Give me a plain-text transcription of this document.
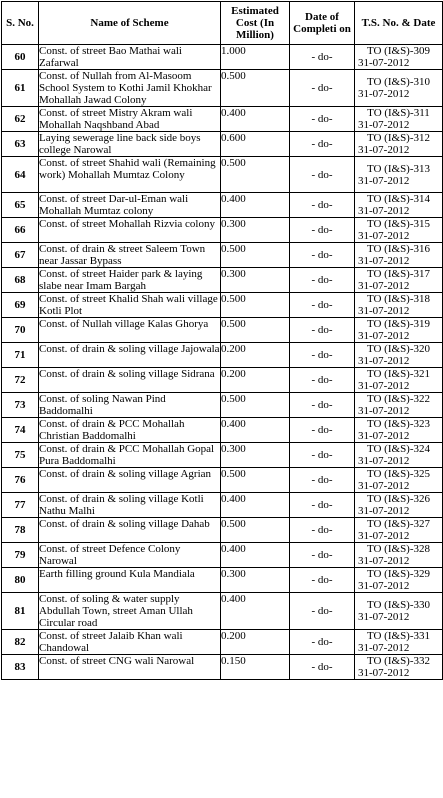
S. No.	Name of Scheme	Estimated Cost (In Million)	Date of Completi on	T.S. No. & Date
60	Const. of street Bao Mathai wali Zafarwal	1.000	- do-	TO (I&S)-309
31-07-2012

61	Const. of Nullah from Al-Masoom School System to Kothi Jamil Khokhar Mohallah Jawad Colony	0.500	- do-	TO (I&S)-310
31-07-2012

62	Const. of street Mistry Akram wali Mohallah Naqshband Abad	0.400	- do-	TO (I&S)-311
31-07-2012

63	Laying sewerage line back side boys college Narowal	0.600	- do-	TO (I&S)-312
31-07-2012

64	Const. of street Shahid wali (Remaining work) Mohallah Mumtaz Colony	0.500	- do-	TO (I&S)-313
31-07-2012

65	Const. of street Dar-ul-Eman wali Mohallah Mumtaz colony	0.400	- do-	TO (I&S)-314
31-07-2012

66	Const. of street Mohallah Rizvia colony	0.300	- do-	TO (I&S)-315
31-07-2012

67	Const. of drain & street Saleem Town near Jassar Bypass	0.500	- do-	TO (I&S)-316
31-07-2012

68	Const. of street Haider park & laying slabe near Imam Bargah	0.300	- do-	TO (I&S)-317
31-07-2012

69	Const. of street Khalid Shah wali village Kotli Plot	0.500	- do-	TO (I&S)-318
31-07-2012

70	Const. of Nullah village Kalas Ghorya	0.500	- do-	TO (I&S)-319
31-07-2012

71	Const. of drain & soling village Jajowala	0.200	- do-	TO (I&S)-320
31-07-2012

72	Const. of drain & soling village Sidrana	0.200	- do-	TO (I&S)-321
31-07-2012

73	Const. of soling Nawan Pind Baddomalhi	0.500	- do-	TO (I&S)-322
31-07-2012

74	Const. of drain & PCC Mohallah Christian Baddomalhi	0.400	- do-	TO (I&S)-323
31-07-2012

75	Const. of drain & PCC Mohallah Gopal Pura Baddomalhi	0.300	- do-	TO (I&S)-324
31-07-2012

76	Const. of drain & soling village Agrian	0.500	- do-	TO (I&S)-325
31-07-2012

77	Const. of drain & soling village Kotli Nathu Malhi	0.400	- do-	TO (I&S)-326
31-07-2012

78	Const. of drain & soling village Dahab	0.500	- do-	TO (I&S)-327
31-07-2012

79	Const. of street Defence Colony Narowal	0.400	- do-	TO (I&S)-328
31-07-2012

80	Earth filling ground Kula Mandiala	0.300	- do-	TO (I&S)-329
31-07-2012

81	Const. of soling & water supply Abdullah Town, street Aman Ullah Circular road	0.400	- do-	TO (I&S)-330
31-07-2012

82	Const. of street Jalaib Khan wali Chandowal	0.200	- do-	TO (I&S)-331
31-07-2012

83	Const. of street CNG wali Narowal	0.150	- do-	TO (I&S)-332
31-07-2012
